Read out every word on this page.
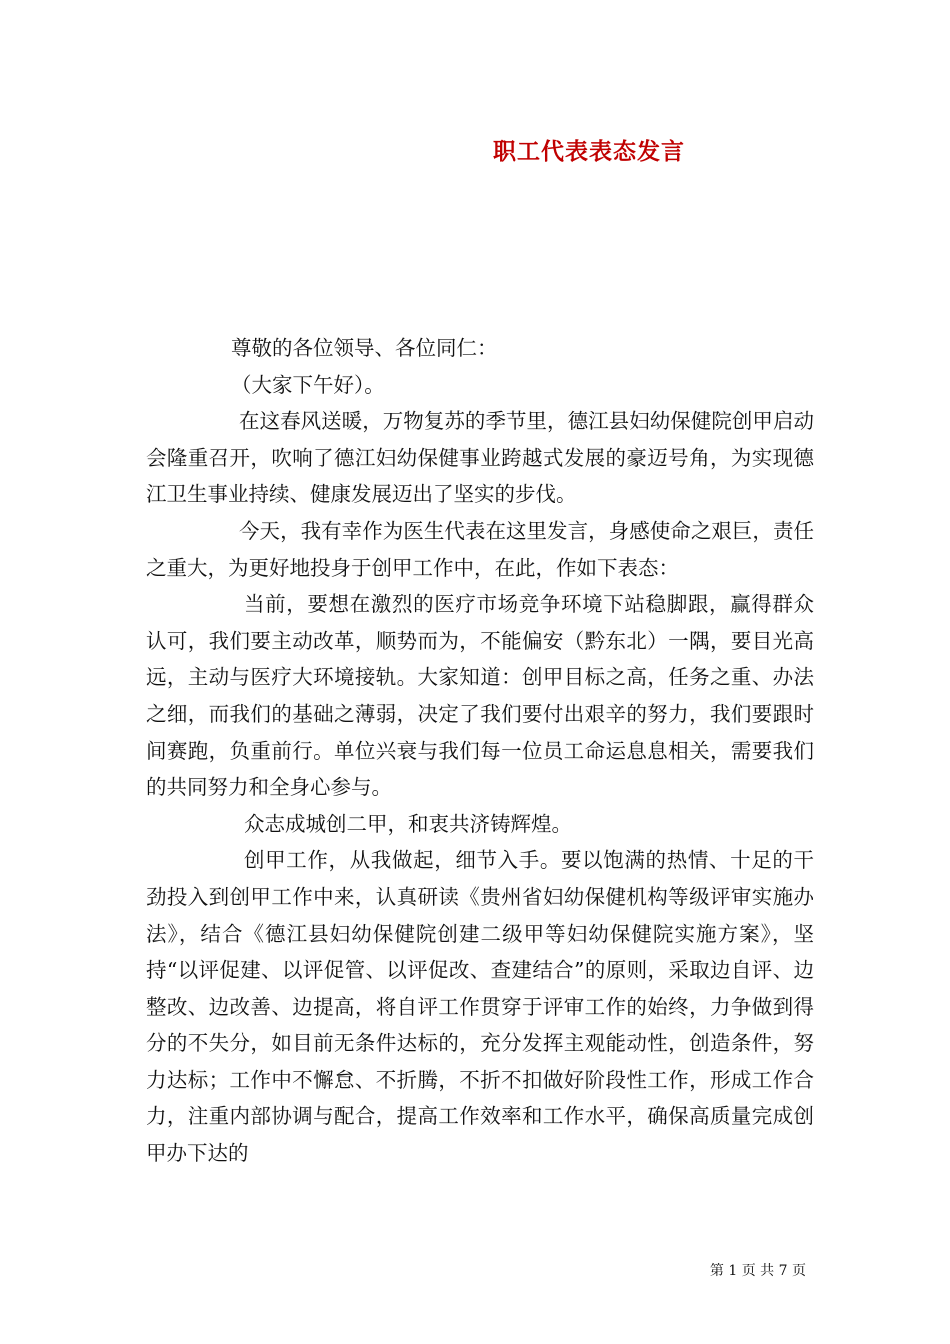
职工代表表态发言

尊敬的各位领导、各位同仁：

（大家下午好）。

在这春风送暖，万物复苏的季节里，德江县妇幼保健院创甲启动会隆重召开，吹响了德江妇幼保健事业跨越式发展的豪迈号角，为实现德江卫生事业持续、健康发展迈出了坚实的步伐。

今天，我有幸作为医生代表在这里发言，身感使命之艰巨，责任之重大，为更好地投身于创甲工作中，在此，作如下表态：

当前，要想在激烈的医疗市场竞争环境下站稳脚跟，赢得群众认可，我们要主动改革，顺势而为，不能偏安（黔东北）一隅，要目光高远，主动与医疗大环境接轨。大家知道：创甲目标之高，任务之重、办法之细，而我们的基础之薄弱，决定了我们要付出艰辛的努力，我们要跟时间赛跑，负重前行。单位兴衰与我们每一位员工命运息息相关，需要我们的共同努力和全身心参与。

众志成城创二甲，和衷共济铸辉煌。

创甲工作，从我做起，细节入手。要以饱满的热情、十足的干劲投入到创甲工作中来，认真研读《贵州省妇幼保健机构等级评审实施办法》，结合《德江县妇幼保健院创建二级甲等妇幼保健院实施方案》，坚持“以评促建、以评促管、以评促改、查建结合”的原则，采取边自评、边整改、边改善、边提高，将自评工作贯穿于评审工作的始终，力争做到得分的不失分，如目前无条件达标的，充分发挥主观能动性，创造条件，努力达标；工作中不懈怠、不折腾，不折不扣做好阶段性工作，形成工作合力，注重内部协调与配合，提高工作效率和工作水平，确保高质量完成创甲办下达的

第 1 页 共 7 页
